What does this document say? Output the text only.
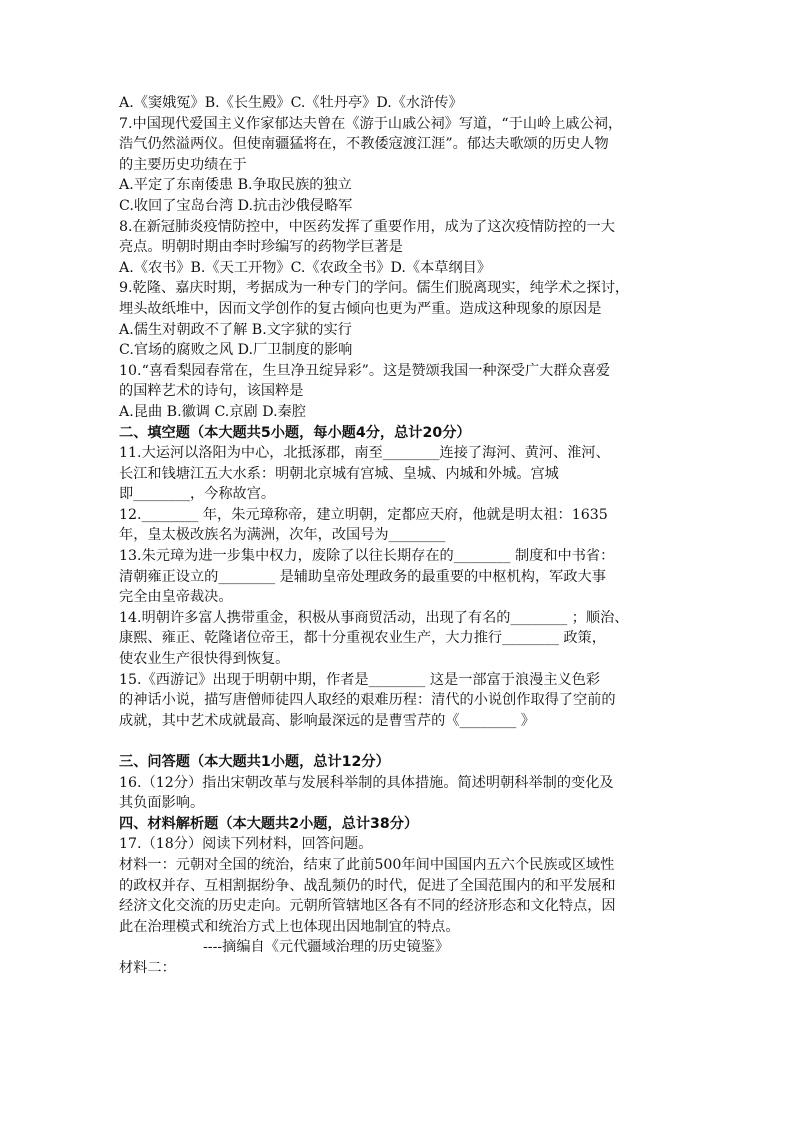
A.《窦娥冤》B.《长生殿》C.《牡丹亭》D.《水浒传》
7.中国现代爱国主义作家郁达夫曾在《游于山戚公祠》写道，“于山岭上戚公祠，
浩气仍然溢两仪。但使南疆猛将在，不教倭寇渡江涯”。郁达夫歌颂的历史人物
的主要历史功绩在于
A.平定了东南倭患 B.争取民族的独立
C.收回了宝岛台湾 D.抗击沙俄侵略军
8.在新冠肺炎疫情防控中，中医药发挥了重要作用，成为了这次疫情防控的一大
亮点。明朝时期由李时珍编写的药物学巨著是
A.《农书》B.《天工开物》C.《农政全书》D.《本草纲目》
9.乾隆、嘉庆时期，考据成为一种专门的学问。儒生们脱离现实，纯学术之探讨，
埋头故纸堆中，因而文学创作的复古倾向也更为严重。造成这种现象的原因是
A.儒生对朝政不了解 B.文字狱的实行
C.官场的腐败之风 D.厂卫制度的影响
10.“喜看梨园春常在，生旦净丑绽异彩”。这是赞颂我国一种深受广大群众喜爱
的国粹艺术的诗句，该国粹是
A.昆曲 B.徽调 C.京剧 D.秦腔
二、填空题（本大题共5小题，每小题4分，总计20分）
11.大运河以洛阳为中心，北抵涿郡，南至________连接了海河、黄河、淮河、
长江和钱塘江五大水系：明朝北京城有宫城、皇城、内城和外城。宫城
即________，今称故宫。
12.________ 年，朱元璋称帝，建立明朝，定都应天府，他就是明太祖：1635
年，皇太极改族名为满洲，次年，改国号为________
13.朱元璋为进一步集中权力，废除了以往长期存在的________ 制度和中书省：
清朝雍正设立的________ 是辅助皇帝处理政务的最重要的中枢机构，军政大事
完全由皇帝裁决。
14.明朝许多富人携带重金，积极从事商贸活动，出现了有名的________ ；顺治、
康熙、雍正、乾隆诸位帝王，都十分重视农业生产，大力推行________ 政策，
使农业生产很快得到恢复。
15.《西游记》出现于明朝中期，作者是________ 这是一部富于浪漫主义色彩
的神话小说，描写唐僧师徒四人取经的艰难历程：清代的小说创作取得了空前的
成就，其中艺术成就最高、影响最深远的是曹雪芹的《________ 》
三、问答题（本大题共1小题，总计12分）
16.（12分）指出宋朝改革与发展科举制的具体措施。简述明朝科举制的变化及
其负面影响。
四、材料解析题（本大题共2小题，总计38分）
17.（18分）阅读下列材料，回答问题。
材料一：元朝对全国的统治，结束了此前500年间中国国内五六个民族或区域性
的政权并存、互相割据纷争、战乱频仍的时代，促进了全国范围内的和平发展和
经济文化交流的历史走向。元朝所管辖地区各有不同的经济形态和文化特点，因
此在治理模式和统治方式上也体现出因地制宜的特点。
----摘编自《元代疆域治理的历史镜鉴》
材料二：
